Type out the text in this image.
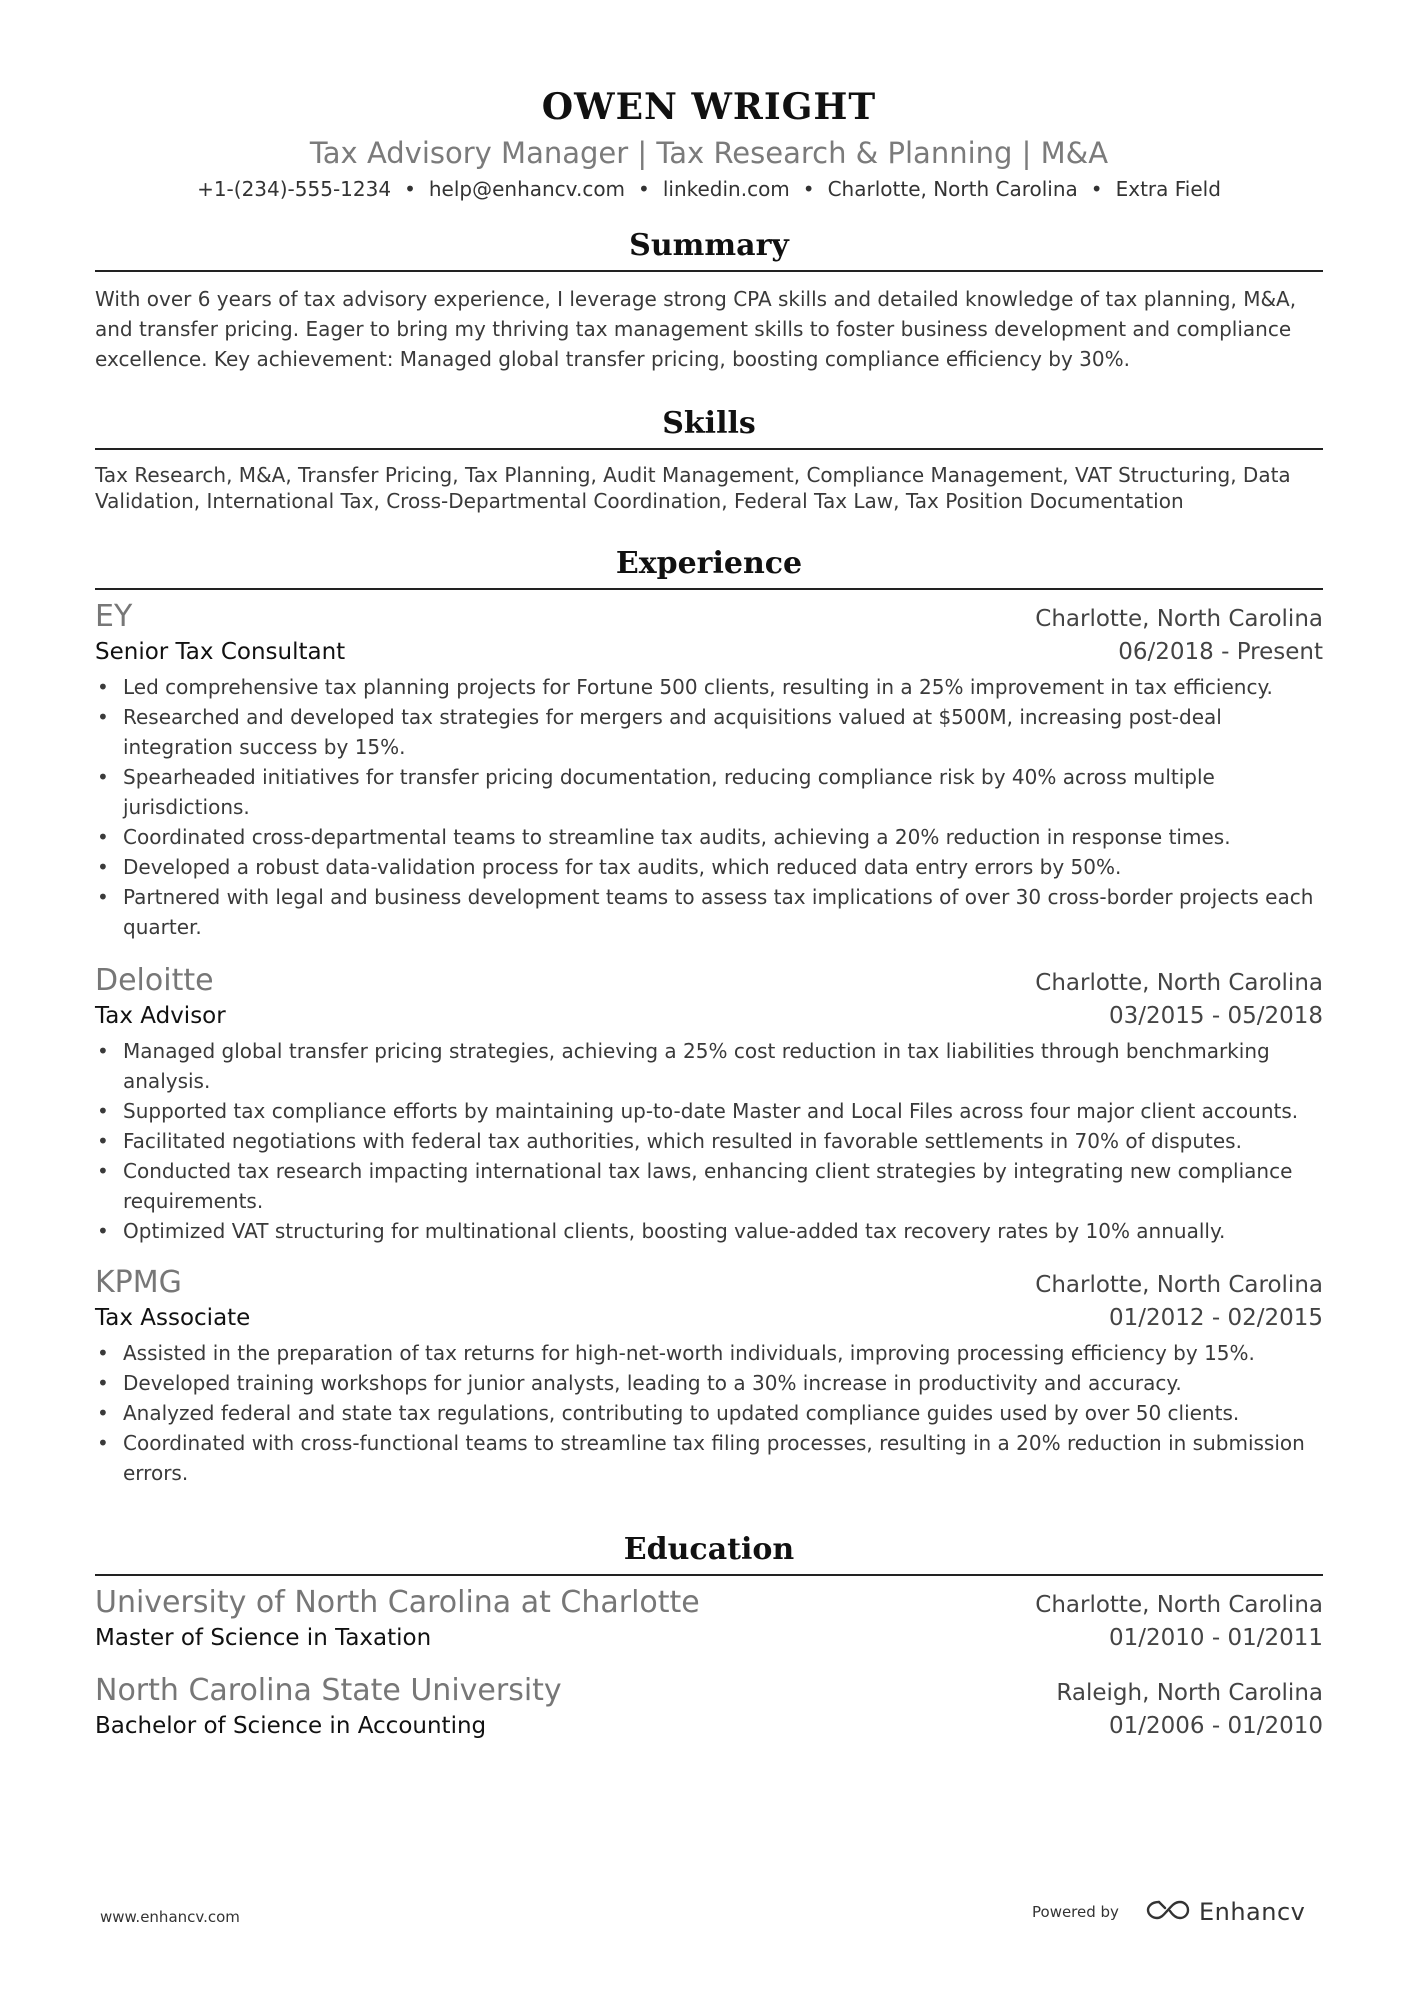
OWEN WRIGHT
Tax Advisory Manager | Tax Research & Planning | M&A
+1-(234)-555-1234 • help@enhancv.com • linkedin.com • Charlotte, North Carolina • Extra Field
Summary
With over 6 years of tax advisory experience, I leverage strong CPA skills and detailed knowledge of tax planning, M&A, and transfer pricing. Eager to bring my thriving tax management skills to foster business development and compliance excellence. Key achievement: Managed global transfer pricing, boosting compliance efficiency by 30%.
Skills
Tax Research, M&A, Transfer Pricing, Tax Planning, Audit Management, Compliance Management, VAT Structuring, Data Validation, International Tax, Cross-Departmental Coordination, Federal Tax Law, Tax Position Documentation
Experience
EY	Charlotte, North Carolina
Senior Tax Consultant	06/2018 - Present
• Led comprehensive tax planning projects for Fortune 500 clients, resulting in a 25% improvement in tax efficiency.
• Researched and developed tax strategies for mergers and acquisitions valued at $500M, increasing post-deal integration success by 15%.
• Spearheaded initiatives for transfer pricing documentation, reducing compliance risk by 40% across multiple jurisdictions.
• Coordinated cross-departmental teams to streamline tax audits, achieving a 20% reduction in response times.
• Developed a robust data-validation process for tax audits, which reduced data entry errors by 50%.
• Partnered with legal and business development teams to assess tax implications of over 30 cross-border projects each quarter.
Deloitte	Charlotte, North Carolina
Tax Advisor	03/2015 - 05/2018
• Managed global transfer pricing strategies, achieving a 25% cost reduction in tax liabilities through benchmarking analysis.
• Supported tax compliance efforts by maintaining up-to-date Master and Local Files across four major client accounts.
• Facilitated negotiations with federal tax authorities, which resulted in favorable settlements in 70% of disputes.
• Conducted tax research impacting international tax laws, enhancing client strategies by integrating new compliance requirements.
• Optimized VAT structuring for multinational clients, boosting value-added tax recovery rates by 10% annually.
KPMG	Charlotte, North Carolina
Tax Associate	01/2012 - 02/2015
• Assisted in the preparation of tax returns for high-net-worth individuals, improving processing efficiency by 15%.
• Developed training workshops for junior analysts, leading to a 30% increase in productivity and accuracy.
• Analyzed federal and state tax regulations, contributing to updated compliance guides used by over 50 clients.
• Coordinated with cross-functional teams to streamline tax filing processes, resulting in a 20% reduction in submission errors.
Education
University of North Carolina at Charlotte	Charlotte, North Carolina
Master of Science in Taxation	01/2010 - 01/2011
North Carolina State University	Raleigh, North Carolina
Bachelor of Science in Accounting	01/2006 - 01/2010
www.enhancv.com	Powered by	Enhancv
